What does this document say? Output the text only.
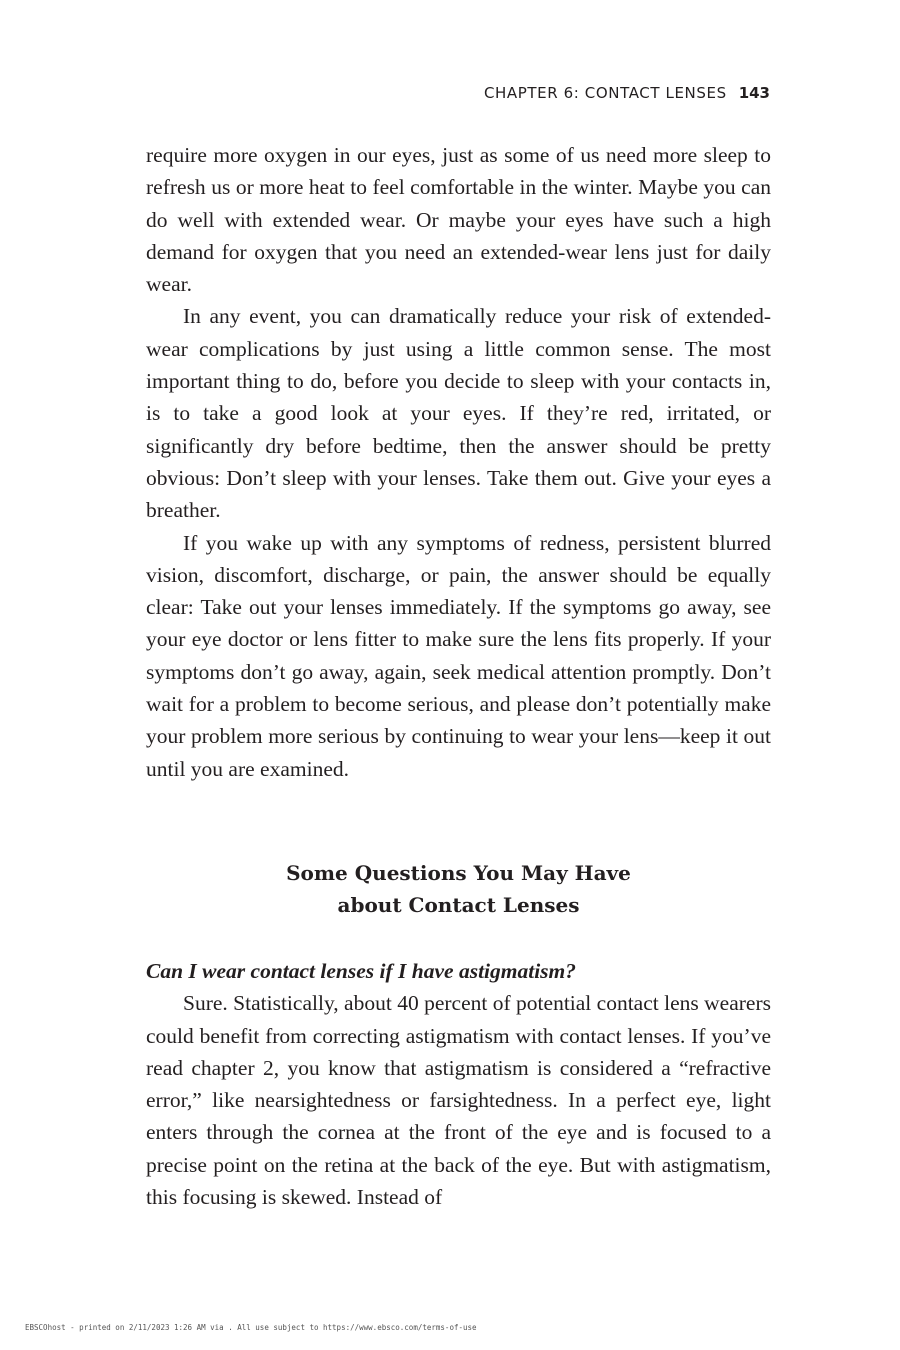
CHAPTER 6: CONTACT LENSES 143

require more oxygen in our eyes, just as some of us need more sleep to refresh us or more heat to feel comfortable in the winter. Maybe you can do well with extended wear. Or maybe your eyes have such a high demand for oxygen that you need an extended-wear lens just for daily wear.

In any event, you can dramatically reduce your risk of extended-wear complications by just using a little common sense. The most important thing to do, before you decide to sleep with your contacts in, is to take a good look at your eyes. If they’re red, irritated, or significantly dry before bedtime, then the answer should be pretty obvious: Don’t sleep with your lenses. Take them out. Give your eyes a breather.

If you wake up with any symptoms of redness, persistent blurred vision, discomfort, discharge, or pain, the answer should be equally clear: Take out your lenses immediately. If the symptoms go away, see your eye doctor or lens fitter to make sure the lens fits properly. If your symptoms don’t go away, again, seek medical attention promptly. Don’t wait for a problem to become serious, and please don’t potentially make your problem more serious by continuing to wear your lens—keep it out until you are examined.

Some Questions You May Have
about Contact Lenses

Can I wear contact lenses if I have astigmatism?

Sure. Statistically, about 40 percent of potential contact lens wearers could benefit from correcting astigmatism with contact lenses. If you’ve read chapter 2, you know that astigmatism is considered a “refractive error,” like nearsightedness or farsightedness. In a perfect eye, light enters through the cornea at the front of the eye and is focused to a precise point on the retina at the back of the eye. But with astigmatism, this focusing is skewed. Instead of

EBSCOhost - printed on 2/11/2023 1:26 AM via . All use subject to https://www.ebsco.com/terms-of-use
